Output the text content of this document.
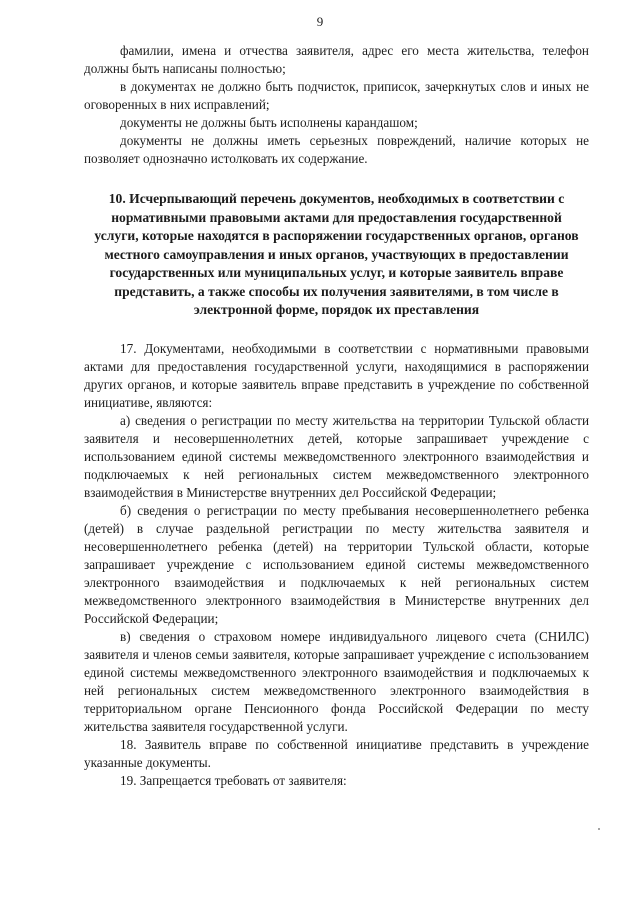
9

фамилии, имена и отчества заявителя, адрес его места жительства, телефон должны быть написаны полностью;

в документах не должно быть подчисток, приписок, зачеркнутых слов и иных не оговоренных в них исправлений;

документы не должны быть исполнены карандашом;

документы не должны иметь серьезных повреждений, наличие которых не позволяет однозначно истолковать их содержание.

10. Исчерпывающий перечень документов, необходимых в соответствии с нормативными правовыми актами для предоставления государственной услуги, которые находятся в распоряжении государственных органов, органов местного самоуправления и иных органов, участвующих в предоставлении государственных или муниципальных услуг, и которые заявитель вправе представить, а также способы их получения заявителями, в том числе в электронной форме, порядок их преставления

17. Документами, необходимыми в соответствии с нормативными правовыми актами для предоставления государственной услуги, находящимися в распоряжении других органов, и которые заявитель вправе представить в учреждение по собственной инициативе, являются:

а) сведения о регистрации по месту жительства на территории Тульской области заявителя и несовершеннолетних детей, которые запрашивает учреждение с использованием единой системы межведомственного электронного взаимодействия и подключаемых к ней региональных систем межведомственного электронного взаимодействия в Министерстве внутренних дел Российской Федерации;

б) сведения о регистрации по месту пребывания несовершеннолетнего ребенка (детей) в случае раздельной регистрации по месту жительства заявителя и несовершеннолетнего ребенка (детей) на территории Тульской области, которые запрашивает учреждение с использованием единой системы межведомственного электронного взаимодействия и подключаемых к ней региональных систем межведомственного электронного взаимодействия в Министерстве внутренних дел Российской Федерации;

в) сведения о страховом номере индивидуального лицевого счета (СНИЛС) заявителя и членов семьи заявителя, которые запрашивает учреждение с использованием единой системы межведомственного электронного взаимодействия и подключаемых к ней региональных систем межведомственного электронного взаимодействия в территориальном органе Пенсионного фонда Российской Федерации по месту жительства заявителя государственной услуги.

18. Заявитель вправе по собственной инициативе представить в учреждение указанные документы.

19. Запрещается требовать от заявителя:
